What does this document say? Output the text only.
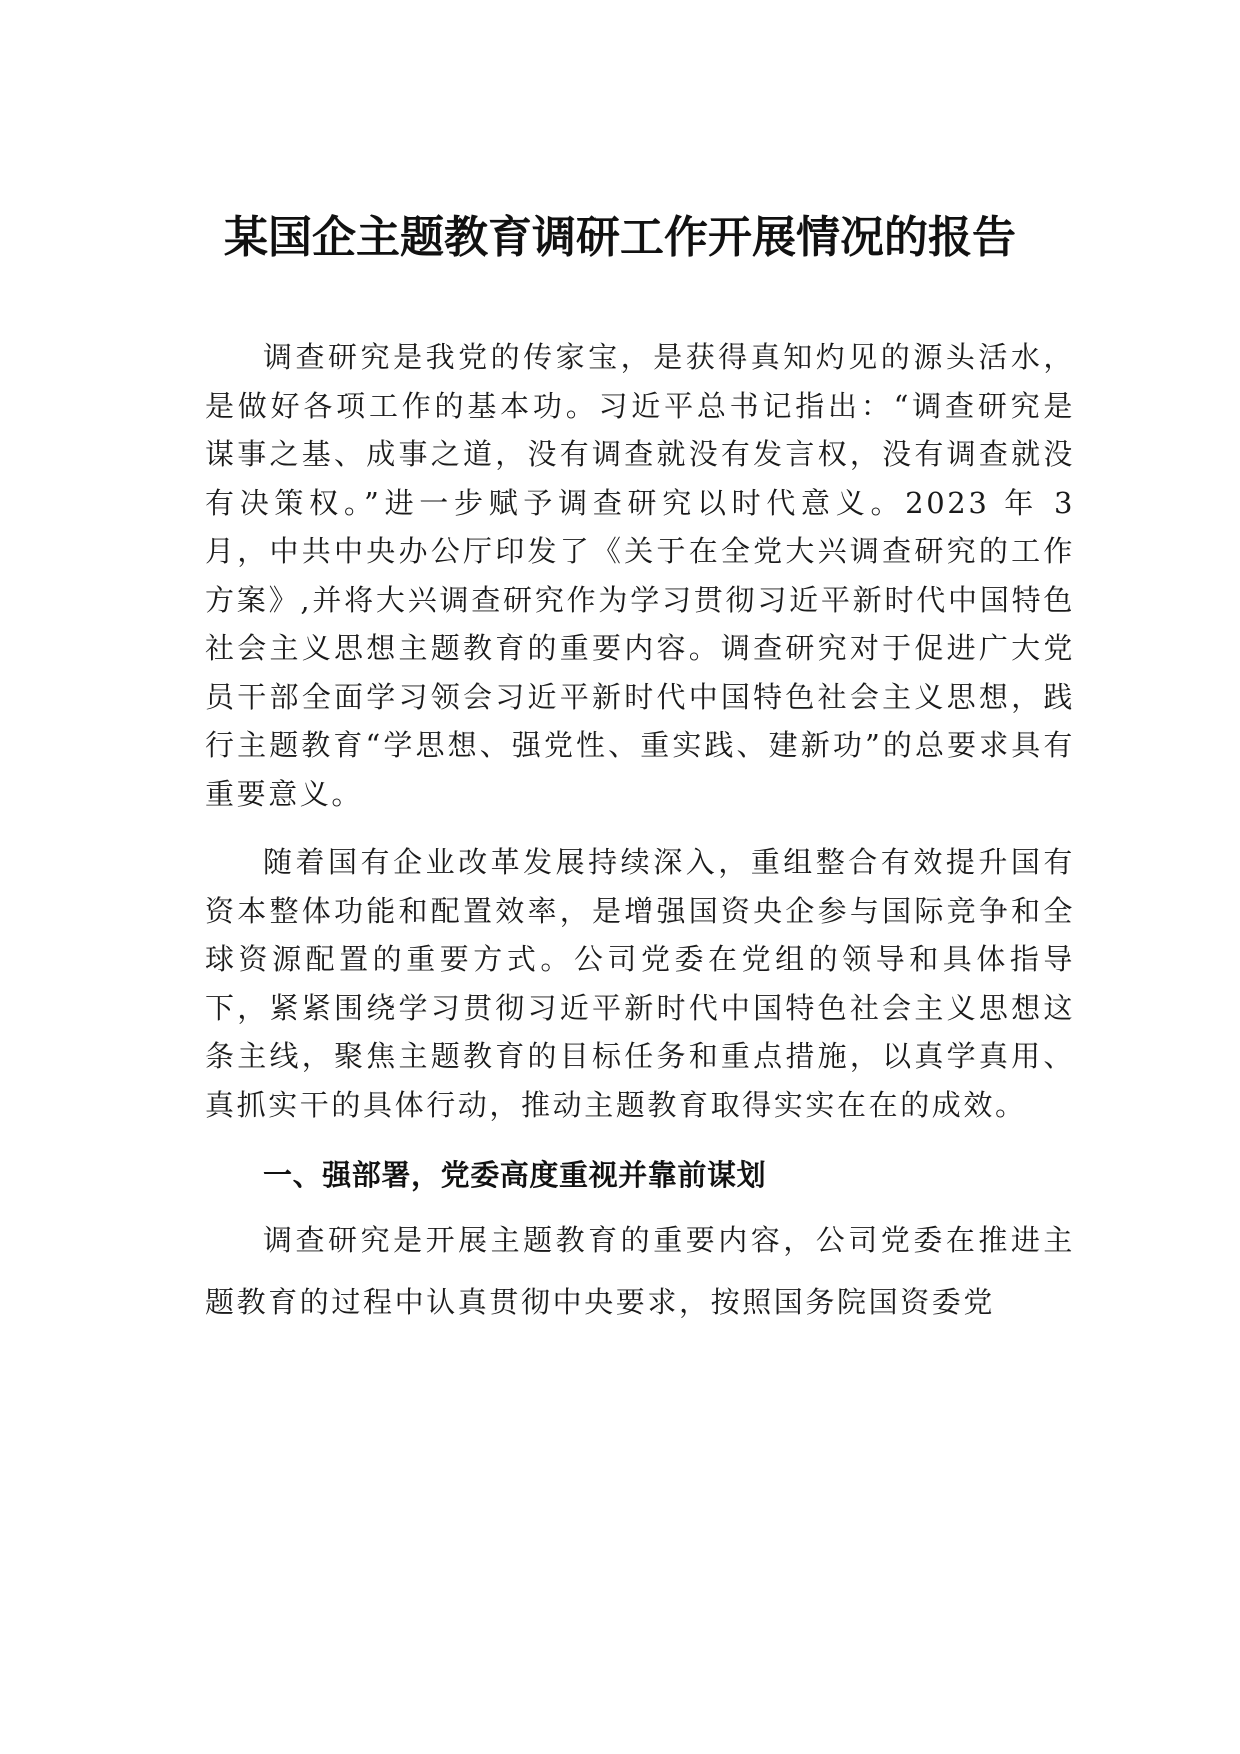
某国企主题教育调研工作开展情况的报告

调查研究是我党的传家宝，是获得真知灼见的源头活水，是做好各项工作的基本功。习近平总书记指出：“调查研究是谋事之基、成事之道，没有调查就没有发言权，没有调查就没有决策权。”进一步赋予调查研究以时代意义。2023 年 3 月，中共中央办公厅印发了《关于在全党大兴调查研究的工作方案》,并将大兴调查研究作为学习贯彻习近平新时代中国特色社会主义思想主题教育的重要内容。调查研究对于促进广大党员干部全面学习领会习近平新时代中国特色社会主义思想，践行主题教育“学思想、强党性、重实践、建新功”的总要求具有重要意义。

随着国有企业改革发展持续深入，重组整合有效提升国有资本整体功能和配置效率，是增强国资央企参与国际竞争和全球资源配置的重要方式。公司党委在党组的领导和具体指导下，紧紧围绕学习贯彻习近平新时代中国特色社会主义思想这条主线，聚焦主题教育的目标任务和重点措施，以真学真用、真抓实干的具体行动，推动主题教育取得实实在在的成效。

一、强部署，党委高度重视并靠前谋划

调查研究是开展主题教育的重要内容，公司党委在推进主题教育的过程中认真贯彻中央要求，按照国务院国资委党
